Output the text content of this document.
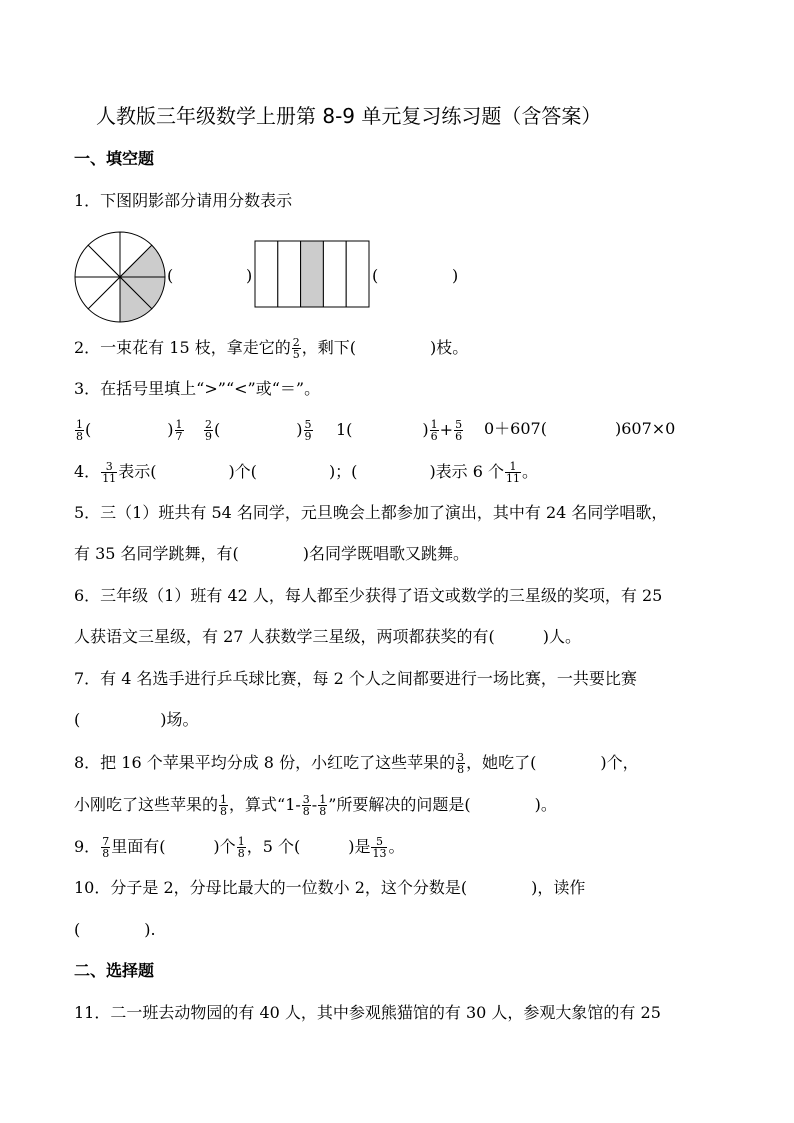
人教版三年级数学上册第 8-9 单元复习练习题（含答案）
一、填空题
1．下图阴影部分请用分数表示
(	)	(	)
2．一束花有 15 枝，拿走它的 $\frac{2}{5}$ ，剩下(	)枝。
3．在括号里填上“>”“<”或“＝”。
$\frac{1}{8}$ (	) $\frac{1}{7} \frac{2}{9}$ (	) $\frac{5}{9} 1$(	) $\frac{1}{6} + \frac{5}{6} 0+607$(	)607×0
4． $\frac{3}{11}$ 表示(	)个(	)；(	)表示 6 个 $\frac{1}{11}$ 。
5．三（1）班共有 54 名同学，元旦晚会上都参加了演出，其中有 24 名同学唱歌，
有 35 名同学跳舞，有(　　　　)名同学既唱歌又跳舞。
6．三年级（1）班有 42 人，每人都至少获得了语文或数学的三星级的奖项，有 25
人获语文三星级，有 27 人获数学三星级，两项都获奖的有(　　　)人。
7．有 4 名选手进行乒乓球比赛，每 2 个人之间都要进行一场比赛，一共要比赛
(　　　　　)场。
8．把 16 个苹果平均分成 8 份，小红吃了这些苹果的 $\frac{3}{8}$ ，她吃了(　　　　)个，
小刚吃了这些苹果的 $\frac{1}{8}$ ，算式“$1- \frac{3}{8} - \frac{1}{8}$ ”所要解决的问题是(　　　　)。
9． $\frac{7}{8}$ 里面有(　　　)个 $\frac{1}{8}$ ，5 个(　　　)是 $\frac{5}{13}$ 。
10．分子是 2，分母比最大的一位数小 2，这个分数是(　　　　)，读作
(　　　　).
二、选择题
11．二一班去动物园的有 40 人，其中参观熊猫馆的有 30 人，参观大象馆的有 25
